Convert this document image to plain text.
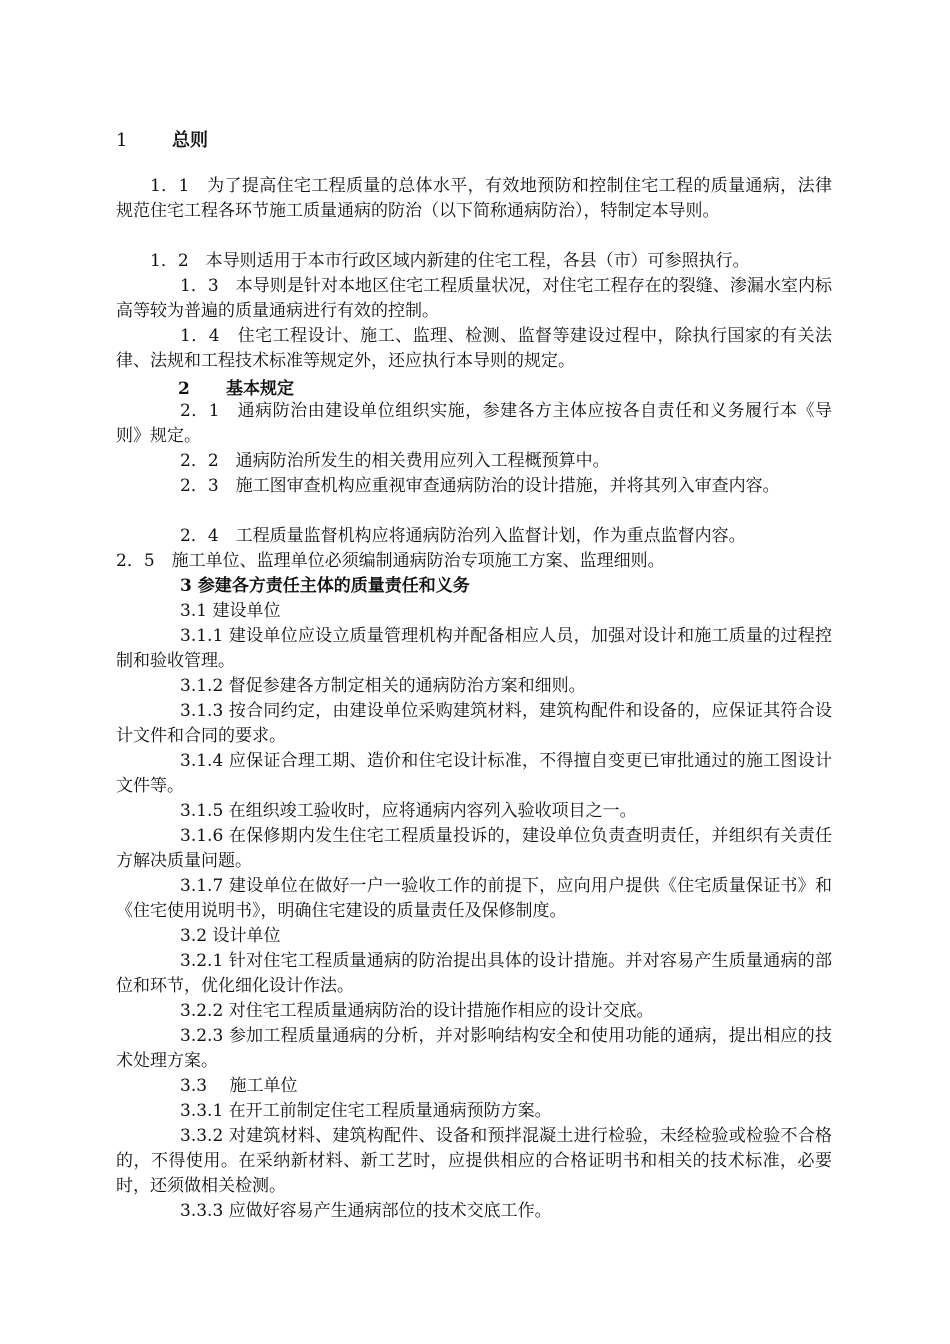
1 总则

1．1　为了提高住宅工程质量的总体水平，有效地预防和控制住宅工程的质量通病，法律规范住宅工程各环节施工质量通病的防治（以下简称通病防治），特制定本导则。

1．2　本导则适用于本市行政区域内新建的住宅工程，各县（市）可参照执行。

1．3　本导则是针对本地区住宅工程质量状况，对住宅工程存在的裂缝、渗漏水室内标高等较为普遍的质量通病进行有效的控制。

1．4　住宅工程设计、施工、监理、检测、监督等建设过程中，除执行国家的有关法律、法规和工程技术标准等规定外，还应执行本导则的规定。

2 基本规定

2．1　通病防治由建设单位组织实施，参建各方主体应按各自责任和义务履行本《导则》规定。

2．2　通病防治所发生的相关费用应列入工程概预算中。

2．3　施工图审查机构应重视审查通病防治的设计措施，并将其列入审查内容。

2．4　工程质量监督机构应将通病防治列入监督计划，作为重点监督内容。

2．5　施工单位、监理单位必须编制通病防治专项施工方案、监理细则。

3 参建各方责任主体的质量责任和义务

3.1 建设单位

3.1.1 建设单位应设立质量管理机构并配备相应人员，加强对设计和施工质量的过程控制和验收管理。

3.1.2 督促参建各方制定相关的通病防治方案和细则。

3.1.3 按合同约定，由建设单位采购建筑材料，建筑构配件和设备的，应保证其符合设计文件和合同的要求。

3.1.4 应保证合理工期、造价和住宅设计标准，不得擅自变更已审批通过的施工图设计文件等。

3.1.5 在组织竣工验收时，应将通病内容列入验收项目之一。

3.1.6 在保修期内发生住宅工程质量投诉的，建设单位负责查明责任，并组织有关责任方解决质量问题。

3.1.7 建设单位在做好一户一验收工作的前提下，应向用户提供《住宅质量保证书》和《住宅使用说明书》，明确住宅建设的质量责任及保修制度。

3.2 设计单位

3.2.1 针对住宅工程质量通病的防治提出具体的设计措施。并对容易产生质量通病的部位和环节，优化细化设计作法。

3.2.2 对住宅工程质量通病防治的设计措施作相应的设计交底。

3.2.3 参加工程质量通病的分析，并对影响结构安全和使用功能的通病，提出相应的技术处理方案。

3.3　 施工单位

3.3.1 在开工前制定住宅工程质量通病预防方案。

3.3.2 对建筑材料、建筑构配件、设备和预拌混凝土进行检验，未经检验或检验不合格的，不得使用。在采纳新材料、新工艺时，应提供相应的合格证明书和相关的技术标准，必要时，还须做相关检测。

3.3.3 应做好容易产生通病部位的技术交底工作。
